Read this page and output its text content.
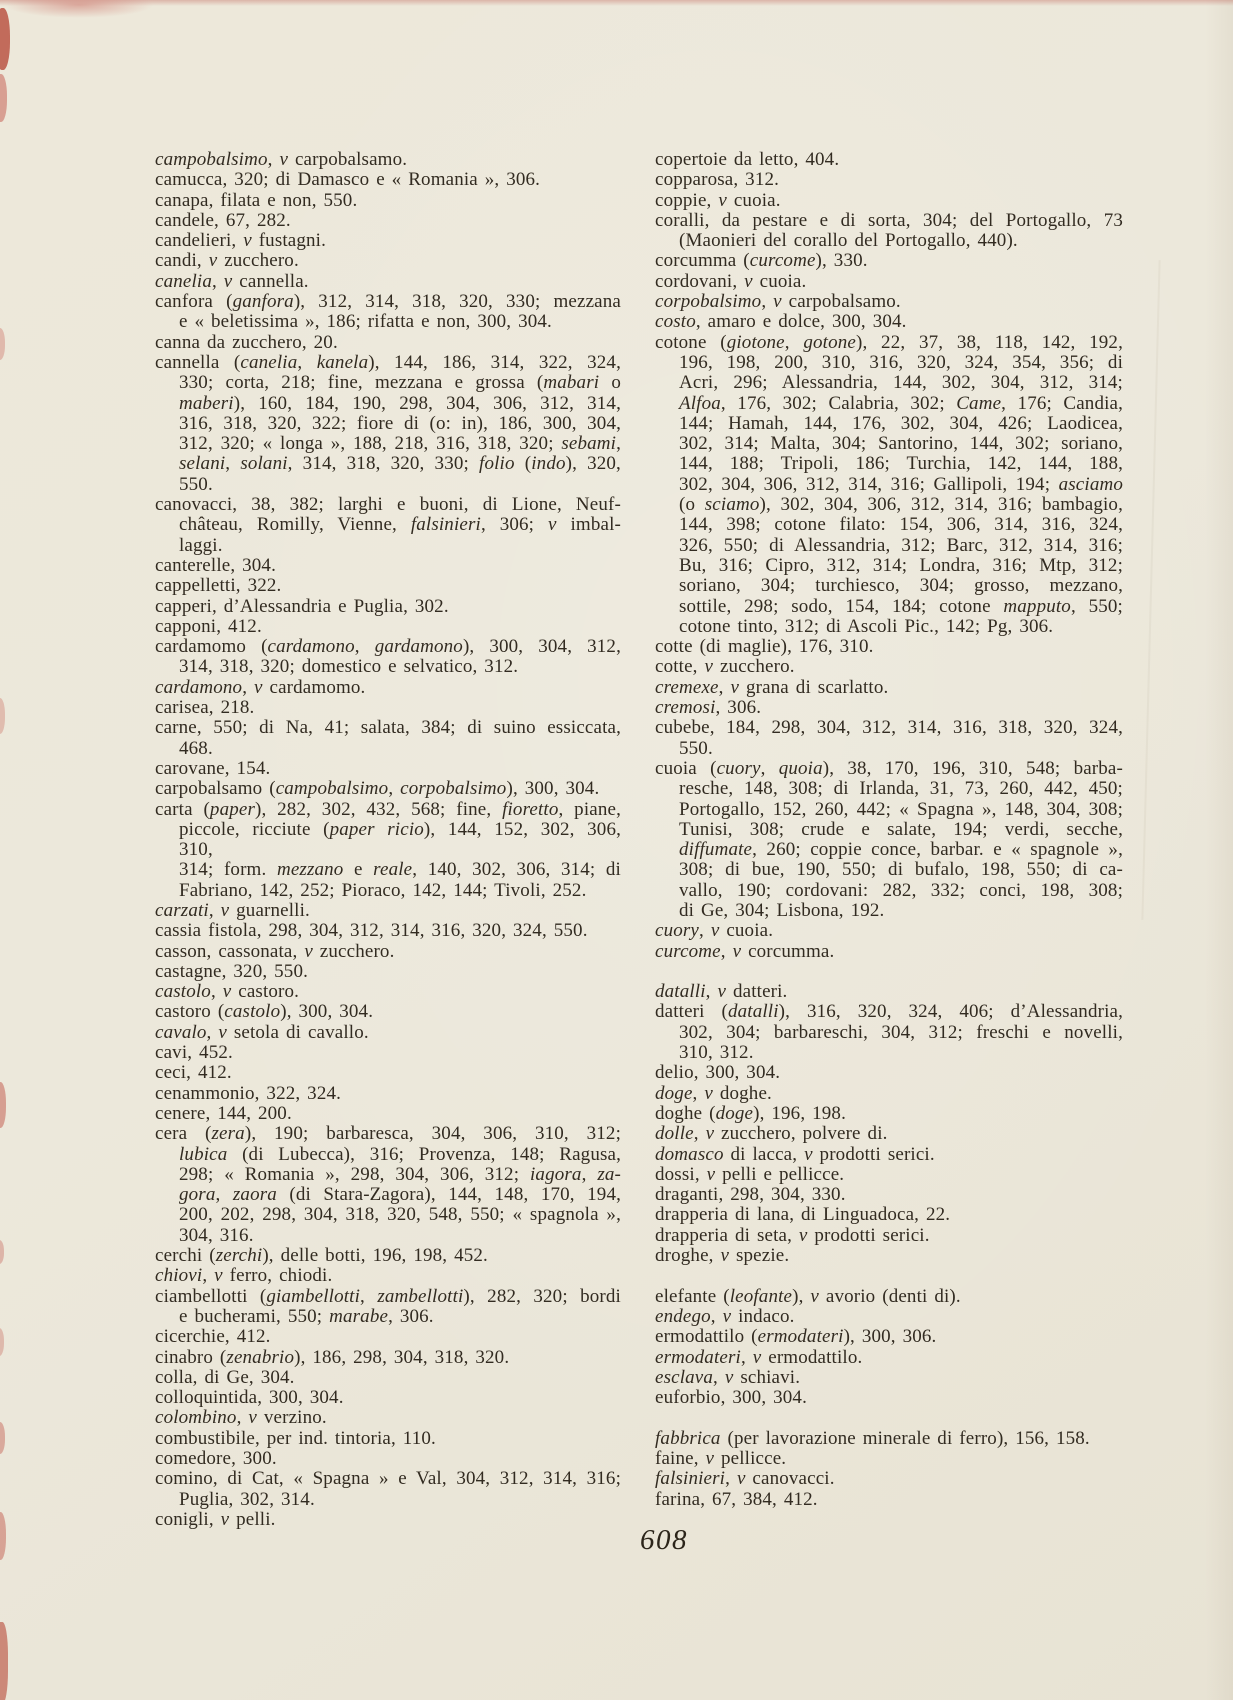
campobalsimo, v carpobalsamo.
camucca, 320; di Damasco e « Romania », 306.
canapa, filata e non, 550.
candele, 67, 282.
candelieri, v fustagni.
candi, v zucchero.
canelia, v cannella.
canfora (ganfora), 312, 314, 318, 320, 330; mezzana
e « beletissima », 186; rifatta e non, 300, 304.
canna da zucchero, 20.
cannella (canelia, kanela), 144, 186, 314, 322, 324,
330; corta, 218; fine, mezzana e grossa (mabari o
maberi), 160, 184, 190, 298, 304, 306, 312, 314,
316, 318, 320, 322; fiore di (o: in), 186, 300, 304,
312, 320; « longa », 188, 218, 316, 318, 320; sebami,
selani, solani, 314, 318, 320, 330; folio (indo), 320,
550.
canovacci, 38, 382; larghi e buoni, di Lione, Neuf-
château, Romilly, Vienne, falsinieri, 306; v imbal-
laggi.
canterelle, 304.
cappelletti, 322.
capperi, d’Alessandria e Puglia, 302.
capponi, 412.
cardamomo (cardamono, gardamono), 300, 304, 312,
314, 318, 320; domestico e selvatico, 312.
cardamono, v cardamomo.
carisea, 218.
carne, 550; di Na, 41; salata, 384; di suino essiccata,
468.
carovane, 154.
carpobalsamo (campobalsimo, corpobalsimo), 300, 304.
carta (paper), 282, 302, 432, 568; fine, fioretto, piane,
piccole, ricciute (paper ricio), 144, 152, 302, 306, 310,
314; form. mezzano e reale, 140, 302, 306, 314; di
Fabriano, 142, 252; Pioraco, 142, 144; Tivoli, 252.
carzati, v guarnelli.
cassia fistola, 298, 304, 312, 314, 316, 320, 324, 550.
casson, cassonata, v zucchero.
castagne, 320, 550.
castolo, v castoro.
castoro (castolo), 300, 304.
cavalo, v setola di cavallo.
cavi, 452.
ceci, 412.
cenammonio, 322, 324.
cenere, 144, 200.
cera (zera), 190; barbaresca, 304, 306, 310, 312;
lubica (di Lubecca), 316; Provenza, 148; Ragusa,
298; « Romania », 298, 304, 306, 312; iagora, za-
gora, zaora (di Stara-Zagora), 144, 148, 170, 194,
200, 202, 298, 304, 318, 320, 548, 550; « spagnola »,
304, 316.
cerchi (zerchi), delle botti, 196, 198, 452.
chiovi, v ferro, chiodi.
ciambellotti (giambellotti, zambellotti), 282, 320; bordi
e bucherami, 550; marabe, 306.
cicerchie, 412.
cinabro (zenabrio), 186, 298, 304, 318, 320.
colla, di Ge, 304.
colloquintida, 300, 304.
colombino, v verzino.
combustibile, per ind. tintoria, 110.
comedore, 300.
comino, di Cat, « Spagna » e Val, 304, 312, 314, 316;
Puglia, 302, 314.
conigli, v pelli.
copertoie da letto, 404.
copparosa, 312.
coppie, v cuoia.
coralli, da pestare e di sorta, 304; del Portogallo, 73
(Maonieri del corallo del Portogallo, 440).
corcumma (curcome), 330.
cordovani, v cuoia.
corpobalsimo, v carpobalsamo.
costo, amaro e dolce, 300, 304.
cotone (giotone, gotone), 22, 37, 38, 118, 142, 192,
196, 198, 200, 310, 316, 320, 324, 354, 356; di
Acri, 296; Alessandria, 144, 302, 304, 312, 314;
Alfoa, 176, 302; Calabria, 302; Came, 176; Candia,
144; Hamah, 144, 176, 302, 304, 426; Laodicea,
302, 314; Malta, 304; Santorino, 144, 302; soriano,
144, 188; Tripoli, 186; Turchia, 142, 144, 188,
302, 304, 306, 312, 314, 316; Gallipoli, 194; asciamo
(o sciamo), 302, 304, 306, 312, 314, 316; bambagio,
144, 398; cotone filato: 154, 306, 314, 316, 324,
326, 550; di Alessandria, 312; Barc, 312, 314, 316;
Bu, 316; Cipro, 312, 314; Londra, 316; Mtp, 312;
soriano, 304; turchiesco, 304; grosso, mezzano,
sottile, 298; sodo, 154, 184; cotone mapputo, 550;
cotone tinto, 312; di Ascoli Pic., 142; Pg, 306.
cotte (di maglie), 176, 310.
cotte, v zucchero.
cremexe, v grana di scarlatto.
cremosi, 306.
cubebe, 184, 298, 304, 312, 314, 316, 318, 320, 324,
550.
cuoia (cuory, quoia), 38, 170, 196, 310, 548; barba-
resche, 148, 308; di Irlanda, 31, 73, 260, 442, 450;
Portogallo, 152, 260, 442; « Spagna », 148, 304, 308;
Tunisi, 308; crude e salate, 194; verdi, secche,
diffumate, 260; coppie conce, barbar. e « spagnole »,
308; di bue, 190, 550; di bufalo, 198, 550; di ca-
vallo, 190; cordovani: 282, 332; conci, 198, 308;
di Ge, 304; Lisbona, 192.
cuory, v cuoia.
curcome, v corcumma.
datalli, v datteri.
datteri (datalli), 316, 320, 324, 406; d’Alessandria,
302, 304; barbareschi, 304, 312; freschi e novelli,
310, 312.
delio, 300, 304.
doge, v doghe.
doghe (doge), 196, 198.
dolle, v zucchero, polvere di.
domasco di lacca, v prodotti serici.
dossi, v pelli e pellicce.
draganti, 298, 304, 330.
drapperia di lana, di Linguadoca, 22.
drapperia di seta, v prodotti serici.
droghe, v spezie.
elefante (leofante), v avorio (denti di).
endego, v indaco.
ermodattilo (ermodateri), 300, 306.
ermodateri, v ermodattilo.
esclava, v schiavi.
euforbio, 300, 304.
fabbrica (per lavorazione minerale di ferro), 156, 158.
faine, v pellicce.
falsinieri, v canovacci.
farina, 67, 384, 412.
608
